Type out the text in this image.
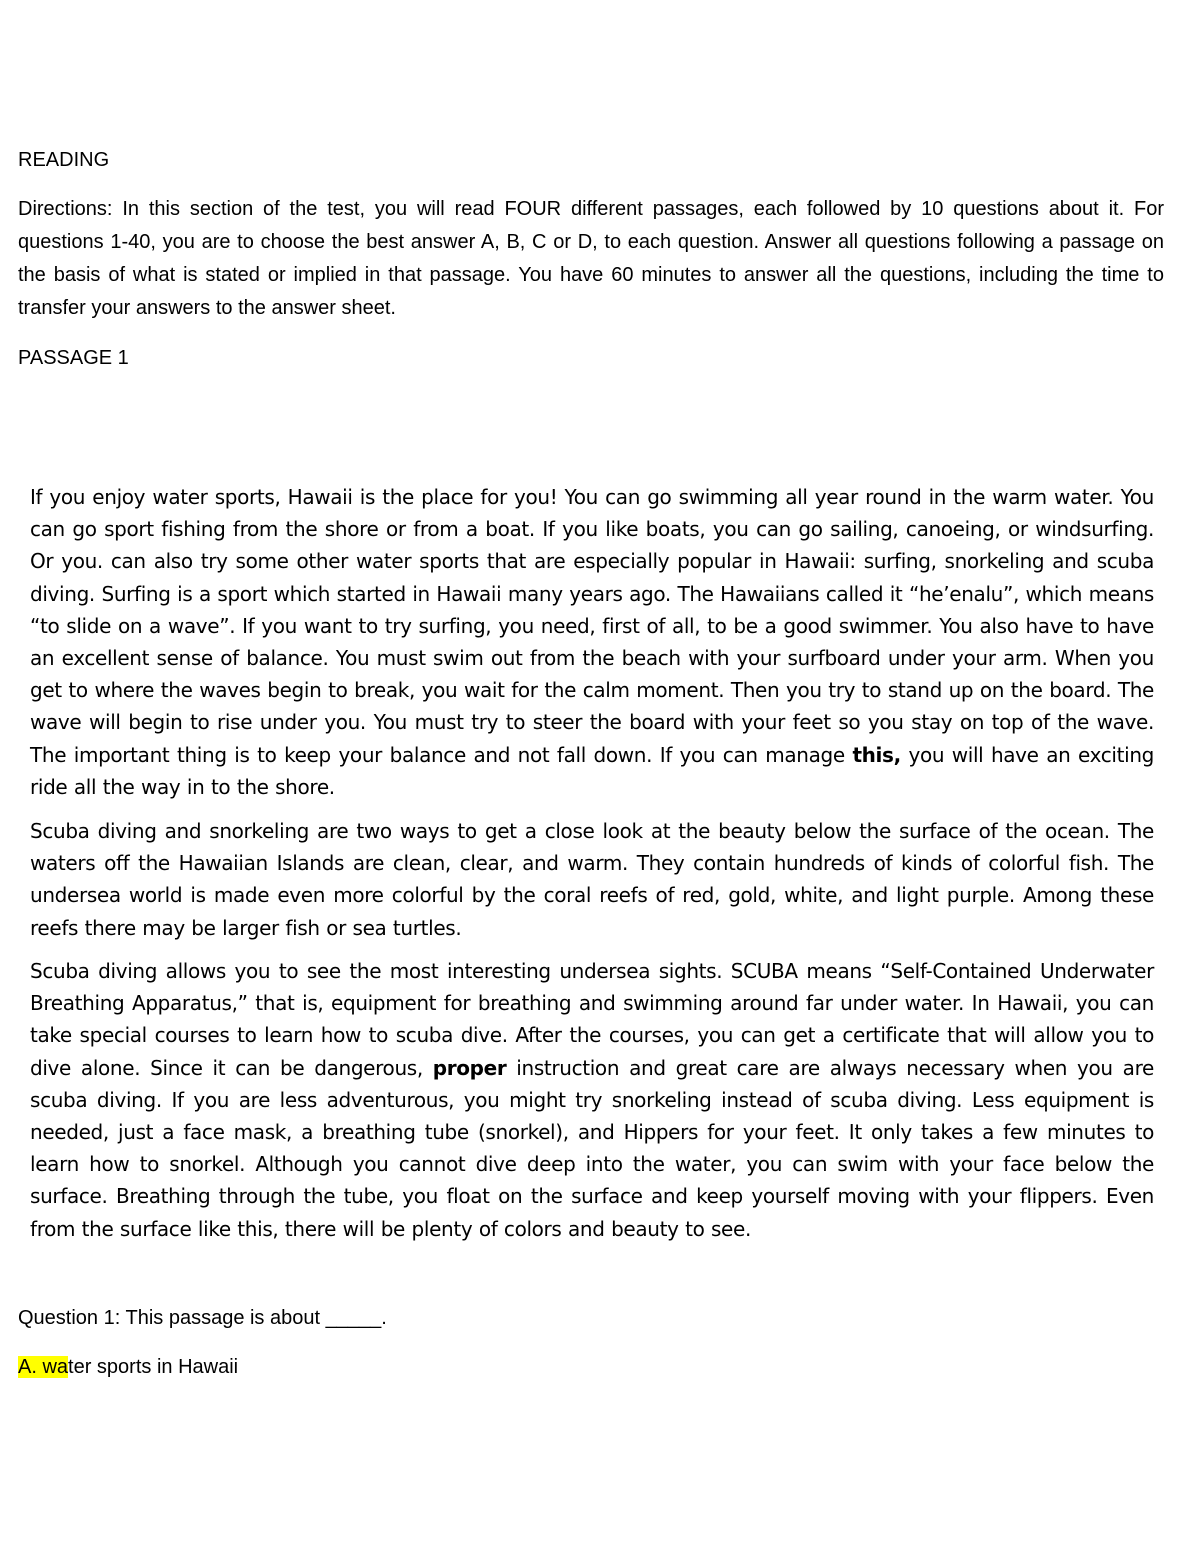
READING
Directions: In this section of the test, you will read FOUR different passages, each followed by 10 questions about it. For questions 1-40, you are to choose the best answer A, B, C or D, to each question. Answer all questions following a passage on the basis of what is stated or implied in that passage. You have 60 minutes to answer all the questions, including the time to transfer your answers to the answer sheet.
PASSAGE 1
If you enjoy water sports, Hawaii is the place for you! You can go swimming all year round in the warm water. You can go sport fishing from the shore or from a boat. If you like boats, you can go sailing, canoeing, or windsurfing. Or you. can also try some other water sports that are especially popular in Hawaii: surfing, snorkeling and scuba diving. Surfing is a sport which started in Hawaii many years ago. The Hawaiians called it “he’enalu”, which means “to slide on a wave”. If you want to try surfing, you need, first of all, to be a good swimmer. You also have to have an excellent sense of balance. You must swim out from the beach with your surfboard under your arm. When you get to where the waves begin to break, you wait for the calm moment. Then you try to stand up on the board. The wave will begin to rise under you. You must try to steer the board with your feet so you stay on top of the wave. The important thing is to keep your balance and not fall down. If you can manage this, you will have an exciting ride all the way in to the shore.
Scuba diving and snorkeling are two ways to get a close look at the beauty below the surface of the ocean. The waters off the Hawaiian Islands are clean, clear, and warm. They contain hundreds of kinds of colorful fish. The undersea world is made even more colorful by the coral reefs of red, gold, white, and light purple. Among these reefs there may be larger fish or sea turtles.
Scuba diving allows you to see the most interesting undersea sights. SCUBA means “Self-Contained Underwater Breathing Apparatus,” that is, equipment for breathing and swimming around far under water. In Hawaii, you can take special courses to learn how to scuba dive. After the courses, you can get a certificate that will allow you to dive alone. Since it can be dangerous, proper instruction and great care are always necessary when you are scuba diving. If you are less adventurous, you might try snorkeling instead of scuba diving. Less equipment is needed, just a face mask, a breathing tube (snorkel), and Hippers for your feet. It only takes a few minutes to learn how to snorkel. Although you cannot dive deep into the water, you can swim with your face below the surface. Breathing through the tube, you float on the surface and keep yourself moving with your flippers. Even from the surface like this, there will be plenty of colors and beauty to see.
Question 1: This passage is about _____.
A. water sports in Hawaii
